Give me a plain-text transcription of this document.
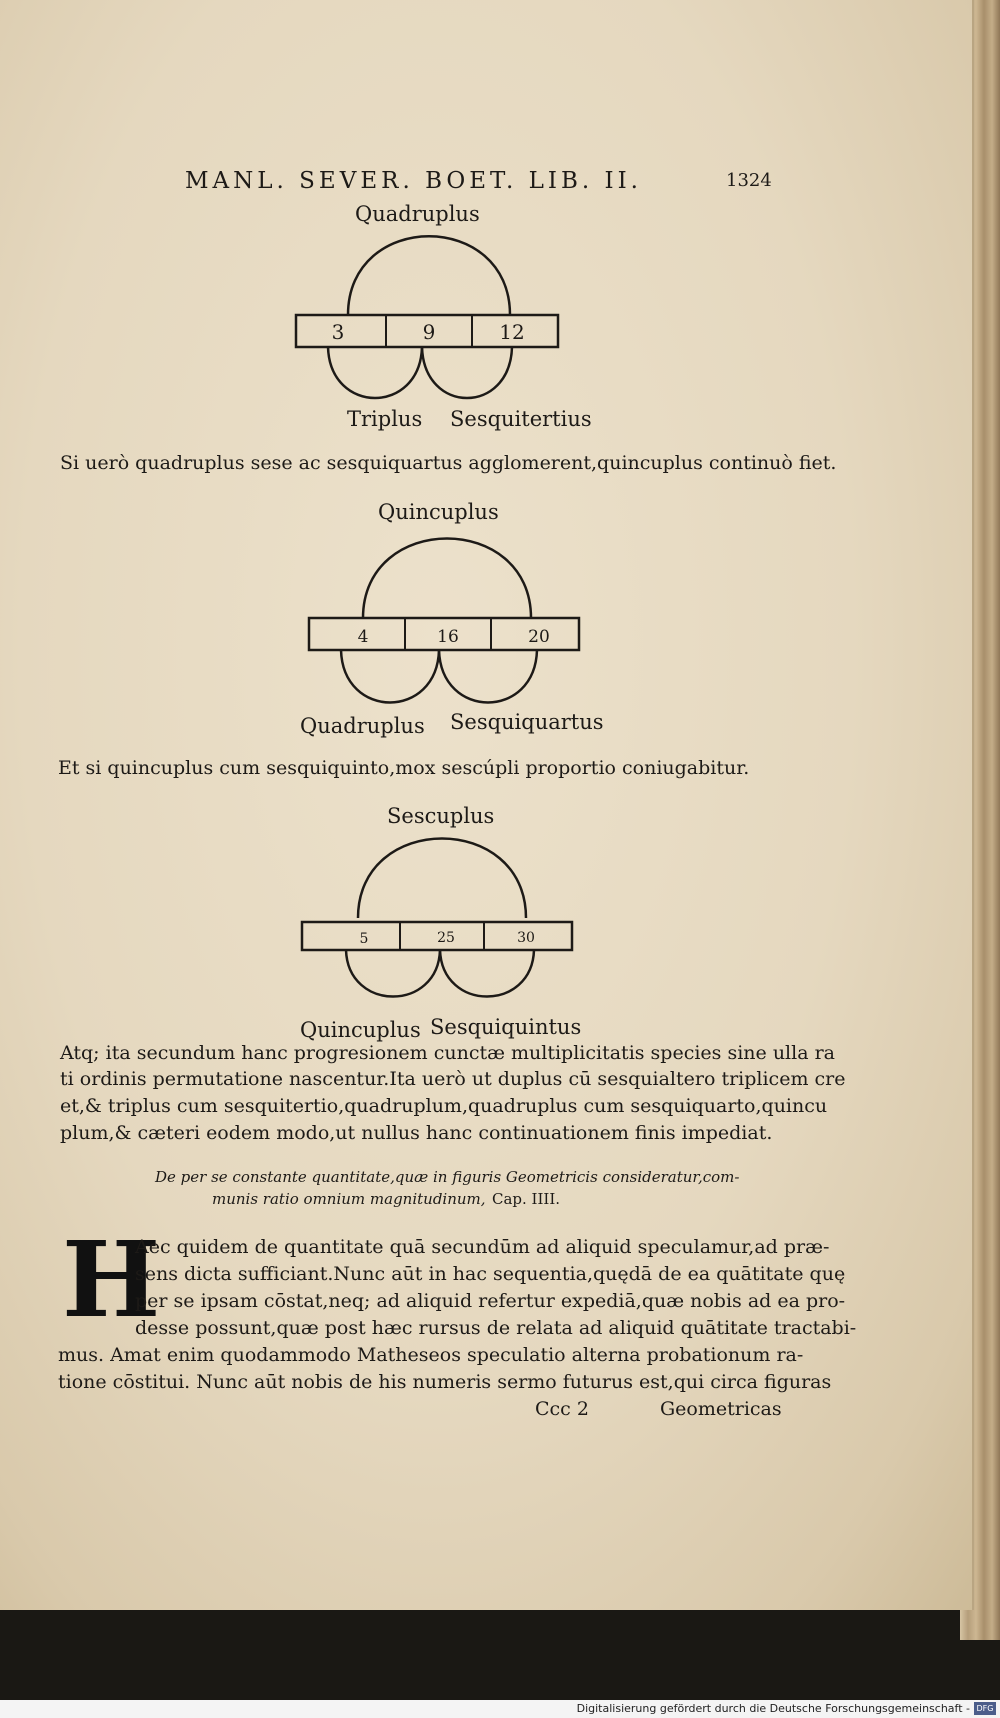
MANL. SEVER. BOET. LIB. II.	1324
Quadruplus
3	9	12
Triplus Sesquitertius
Si uerò quadruplus sese ac sesquiquartus agglomerent,quincuplus continuò fiet.
Quincuplus
4	16	20
Quadruplus Sesquiquartus
Et si quincuplus cum sesquiquinto,mox sescúpli proportio coniugabitur.
Sescuplus
5	25	30
Quincuplus Sesquiquintus
Atq; ita secundum hanc progresionem cunctæ multiplicitatis species sine ulla ra
ti ordinis permutatione nascentur.Ita uerò ut duplus cū sesquialtero triplicem cre
et,& triplus cum sesquitertio,quadruplum,quadruplus cum sesquiquarto,quincu
plum,& cæteri eodem modo,ut nullus hanc continuationem finis impediat.
De per se constante quantitate,quæ in figuris Geometricis consideratur,com-
munis ratio omnium magnitudinum, Cap. IIII.
H
Aec quidem de quantitate quā secundūm ad aliquid speculamur,ad præ-
sens dicta sufficiant.Nunc aūt in hac sequentia,quędā de ea quātitate quę
per se ipsam cōstat,neq; ad aliquid refertur expediā,quæ nobis ad ea pro-
desse possunt,quæ post hæc rursus de relata ad aliquid quātitate tractabi-
mus. Amat enim quodammodo Matheseos speculatio alterna probationum ra-
tione cōstitui. Nunc aūt nobis de his numeris sermo futurus est,qui circa figuras
Ccc 2	Geometricas
Digitalisierung gefördert durch die Deutsche Forschungsgemeinschaft - DFG
